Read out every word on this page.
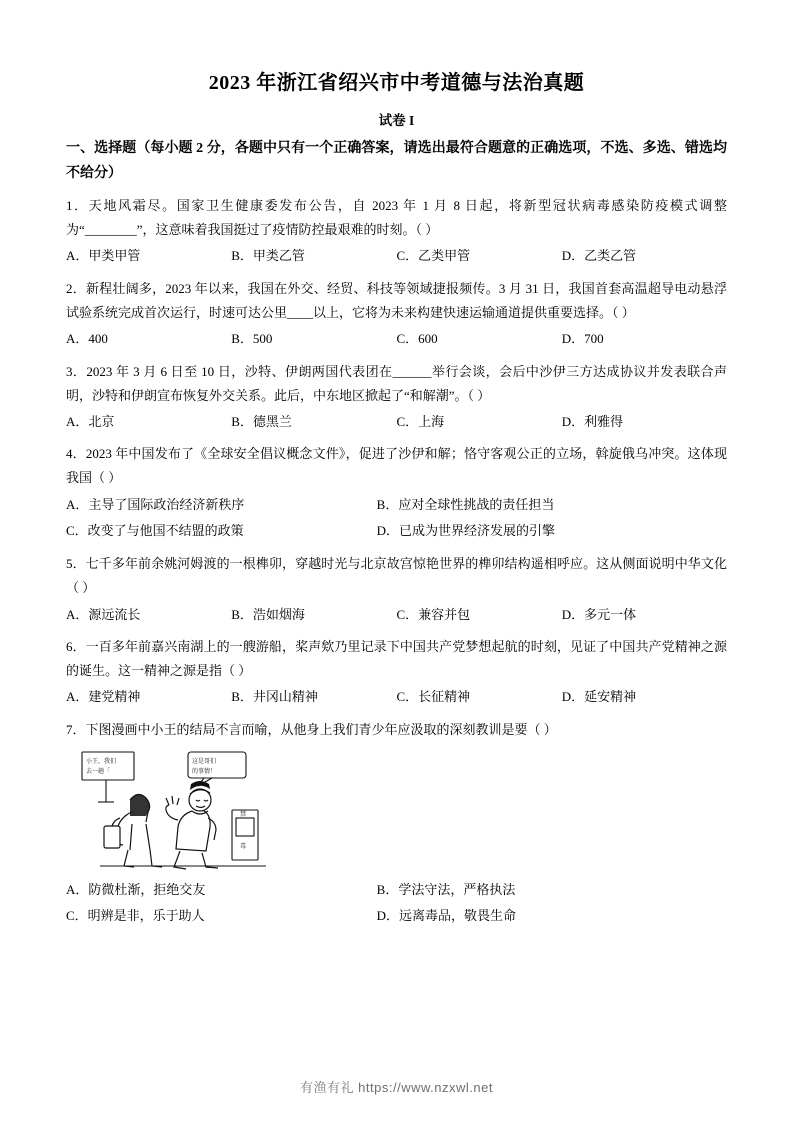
2023 年浙江省绍兴市中考道德与法治真题
试卷 I
一、选择题（每小题 2 分，各题中只有一个正确答案，请选出最符合题意的正确选项，不选、多选、错选均不给分）
1．天地风霜尽。国家卫生健康委发布公告，自 2023 年 1 月 8 日起，将新型冠状病毒感染防疫模式调整为“________”，这意味着我国挺过了疫情防控最艰难的时刻。（ ）
A．甲类甲管	B．甲类乙管	C．乙类甲管	D．乙类乙管
2．新程壮阔多，2023 年以来，我国在外交、经贸、科技等领域捷报频传。3 月 31 日，我国首套高温超导电动悬浮试验系统完成首次运行，时速可达公里____以上，它将为未来构建快速运输通道提供重要选择。（ ）
A．400	B．500	C．600	D．700
3．2023 年 3 月 6 日至 10 日，沙特、伊朗两国代表团在______举行会谈，会后中沙伊三方达成协议并发表联合声明，沙特和伊朗宣布恢复外交关系。此后，中东地区掀起了“和解潮”。（ ）
A．北京	B．德黑兰	C．上海	D．利雅得
4．2023 年中国发布了《全球安全倡议概念文件》，促进了沙伊和解；恪守客观公正的立场，斡旋俄乌冲突。这体现我国（ ）
A．主导了国际政治经济新秩序	B．应对全球性挑战的责任担当
C．改变了与他国不结盟的政策	D．已成为世界经济发展的引擎
5．七千多年前余姚河姆渡的一根榫卯，穿越时光与北京故宫惊艳世界的榫卯结构遥相呼应。这从侧面说明中华文化（ ）
A．源远流长	B．浩如烟海	C．兼容并包	D．多元一体
6．一百多年前嘉兴南湖上的一艘游船，桨声欸乃里记录下中国共产党梦想起航的时刻，见证了中国共产党精神之源的诞生。这一精神之源是指（ ）
A．建党精神	B．井冈山精神	C．长征精神	D．延安精神
7．下图漫画中小王的结局不言而喻，从他身上我们青少年应汲取的深刻教训是要（ ）
小王，我们
去一趟「
这是哥们
的事情！
禁
毒
A．防微杜渐，拒绝交友	B．学法守法，严格执法
C．明辨是非，乐于助人	D．远离毒品，敬畏生命
有渔有礼 https://www.nzxwl.net
